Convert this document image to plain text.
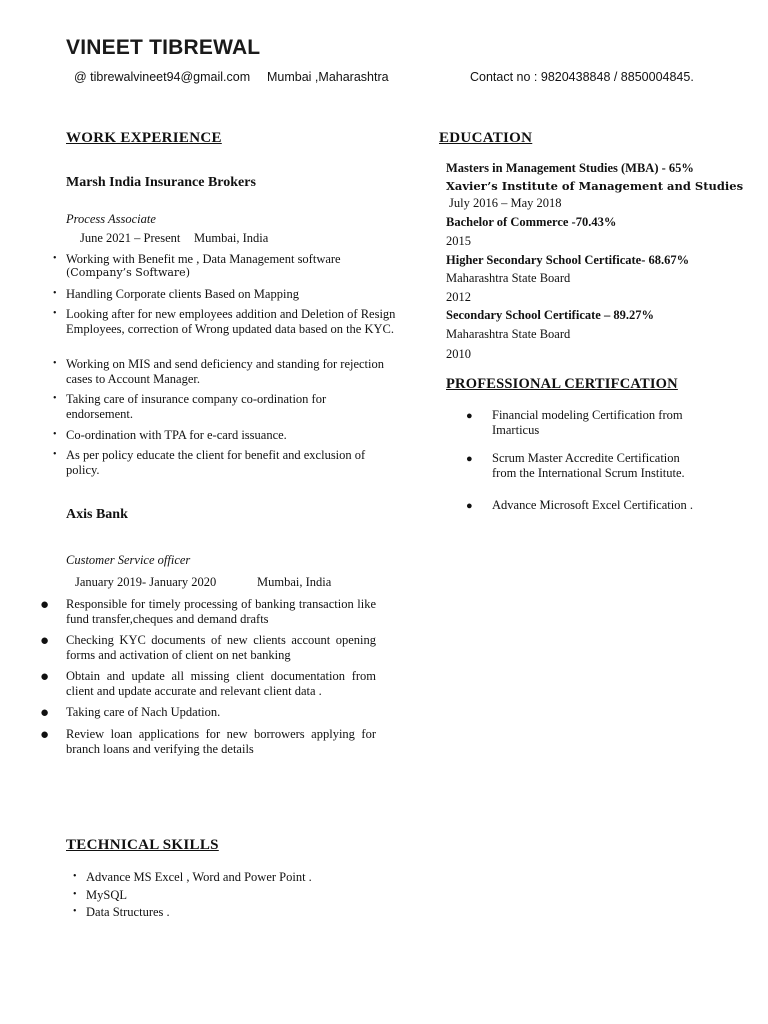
VINEET TIBREWAL
@ tibrewalvineet94@gmail.com Mumbai ,Maharashtra	Contact no : 9820438848 / 8850004845.
WORK EXPERIENCE
Marsh India Insurance Brokers
Process Associate
June 2021 – Present Mumbai, India
• Working with Benefit me , Data Management software
(Company’s Software)
• Handling Corporate clients Based on Mapping
• Looking after for new employees addition and Deletion of Resign Employees, correction of Wrong updated data based on the KYC.
• Working on MIS and send deficiency and standing for rejection cases to Account Manager.
• Taking care of insurance company co-ordination for endorsement.
• Co-ordination with TPA for e-card issuance.
• As per policy educate the client for benefit and exclusion of policy.
Axis Bank
Customer Service officer
January 2019- January 2020	Mumbai, India
● Responsible for timely processing of banking transaction like fund transfer,cheques and demand drafts
● Checking KYC documents of new clients account opening forms and activation of client on net banking
● Obtain and update all missing client documentation from client and update accurate and relevant client data .
● Taking care of Nach Updation.
● Review loan applications for new borrowers applying for branch loans and verifying the details
TECHNICAL SKILLS
• Advance MS Excel , Word and Power Point .
• MySQL
• Data Structures .
EDUCATION
Masters in Management Studies (MBA) - 65%
Xavier’s Institute of Management and Studies
July 2016 – May 2018
Bachelor of Commerce -70.43%
2015
Higher Secondary School Certificate- 68.67%
Maharashtra State Board
2012
Secondary School Certificate – 89.27%
Maharashtra State Board
2010
PROFESSIONAL CERTIFCATION
● Financial modeling Certification from Imarticus
● Scrum Master Accredite Certification from the International Scrum Institute.
● Advance Microsoft Excel Certification .
